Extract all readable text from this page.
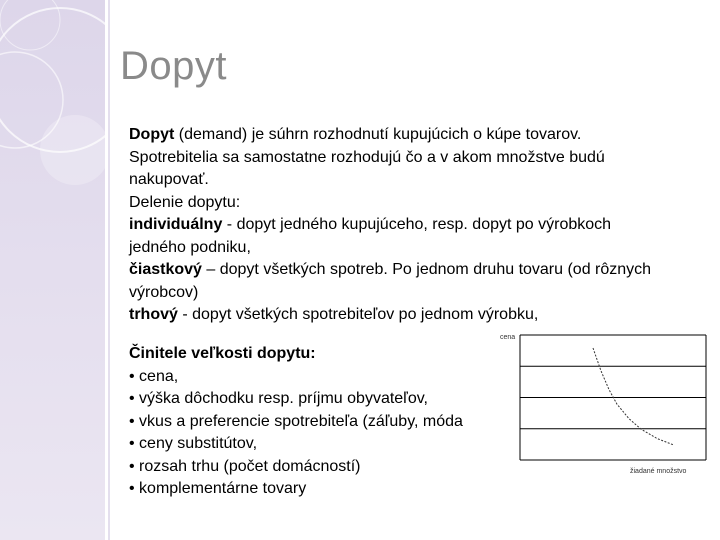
Dopyt

Dopyt (demand) je súhrn rozhodnutí kupujúcich o kúpe tovarov. Spotrebitelia sa samostatne rozhodujú čo a v akom množstve budú nakupovať.

Delenie dopytu:

individuálny - dopyt jedného kupujúceho, resp. dopyt po výrobkoch jedného podniku,

čiastkový – dopyt všetkých spotreb. Po jednom druhu tovaru (od rôznych výrobcov)

trhový - dopyt všetkých spotrebiteľov po jednom výrobku,

Činitele veľkosti dopytu:

• cena,

• výška dôchodku resp. príjmu obyvateľov,

• vkus a preferencie spotrebiteľa (záľuby, móda

• ceny substitútov,

• rozsah trhu (počet domácností)

• komplementárne tovary

cena
žiadané množstvo
